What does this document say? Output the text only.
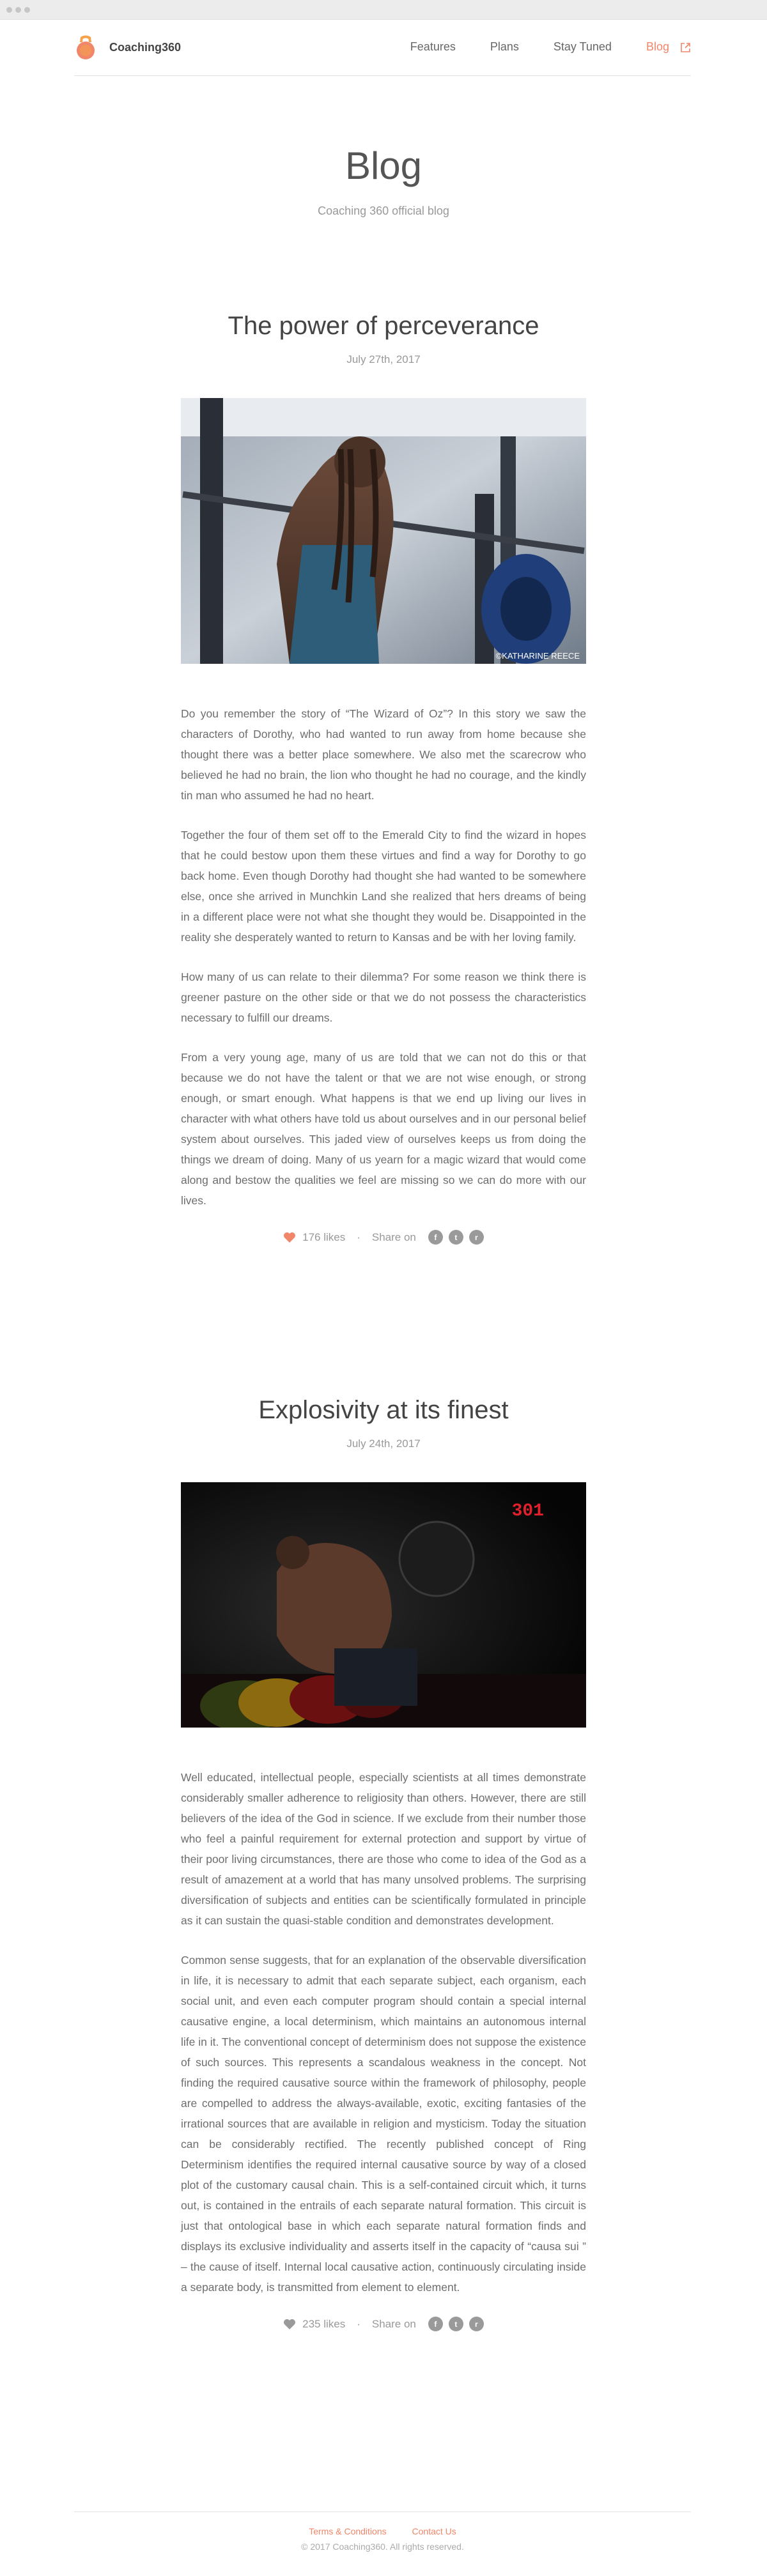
Coaching360	Features	Plans	Stay Tuned	Blog
Blog
Coaching 360 official blog
The power of perceverance
July 27th, 2017
©KATHARINE REECE

Do you remember the story of “The Wizard of Oz”? In this story we saw the characters of Dorothy, who had wanted to run away from home because she thought there was a better place somewhere. We also met the scarecrow who believed he had no brain, the lion who thought he had no courage, and the kindly tin man who assumed he had no heart.

Together the four of them set off to the Emerald City to find the wizard in hopes that he could bestow upon them these virtues and find a way for Dorothy to go back home. Even though Dorothy had thought she had wanted to be somewhere else, once she arrived in Munchkin Land she realized that hers dreams of being in a different place were not what she thought they would be. Disappointed in the reality she desperately wanted to return to Kansas and be with her loving family.

How many of us can relate to their dilemma? For some reason we think there is greener pasture on the other side or that we do not possess the characteristics necessary to fulfill our dreams.

From a very young age, many of us are told that we can not do this or that because we do not have the talent or that we are not wise enough, or strong enough, or smart enough. What happens is that we end up living our lives in character with what others have told us about ourselves and in our personal belief system about ourselves. This jaded view of ourselves keeps us from doing the things we dream of doing. Many of us yearn for a magic wizard that would come along and bestow the qualities we feel are missing so we can do more with our lives.

176 likes · Share on	f	t	r
Explosivity at its finest
July 24th, 2017
301

Well educated, intellectual people, especially scientists at all times demonstrate considerably smaller adherence to religiosity than others. However, there are still believers of the idea of the God in science. If we exclude from their number those who feel a painful requirement for external protection and support by virtue of their poor living circumstances, there are those who come to idea of the God as a result of amazement at a world that has many unsolved problems. The surprising diversification of subjects and entities can be scientifically formulated in principle as it can sustain the quasi-stable condition and demonstrates development.

Common sense suggests, that for an explanation of the observable diversification in life, it is necessary to admit that each separate subject, each organism, each social unit, and even each computer program should contain a special internal causative engine, a local determinism, which maintains an autonomous internal life in it. The conventional concept of determinism does not suppose the existence of such sources. This represents a scandalous weakness in the concept. Not finding the required causative source within the framework of philosophy, people are compelled to address the always-available, exotic, exciting fantasies of the irrational sources that are available in religion and mysticism. Today the situation can be considerably rectified. The recently published concept of Ring Determinism identifies the required internal causative source by way of a closed plot of the customary causal chain. This is a self-contained circuit which, it turns out, is contained in the entrails of each separate natural formation. This circuit is just that ontological base in which each separate natural formation finds and displays its exclusive individuality and asserts itself in the capacity of “causa sui ” – the cause of itself. Internal local causative action, continuously circulating inside a separate body, is transmitted from element to element.

235 likes · Share on	f	t	r
Terms & Conditions	Contact Us
© 2017 Coaching360. All rights reserved.
